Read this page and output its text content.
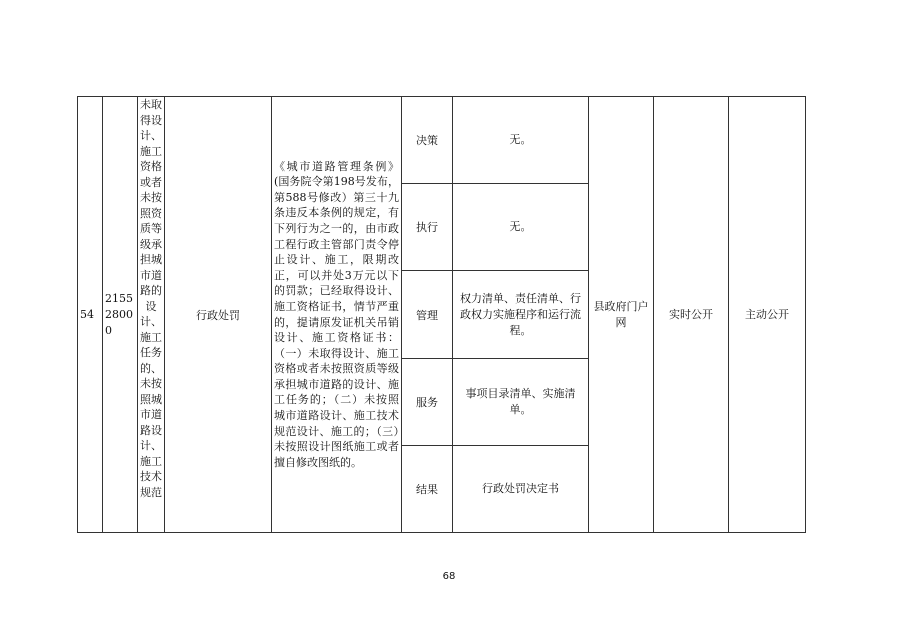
54	215528000	未取得设计、施工资格或者未按照资质等级承担城市道路的设计、施工任务的、未按照城市道路设计、施工技术规范	行政处罚	《城市道路管理条例》(国务院令第198号发布，第588号修改）第三十九条违反本条例的规定，有下列行为之一的，由市政工程行政主管部门责令停止设计、施工，限期改正，可以并处3万元以下的罚款；已经取得设计、施工资格证书，情节严重的，提请原发证机关吊销设计、施工资格证书：（一）未取得设计、施工资格或者未按照资质等级承担城市道路的设计、施工任务的；（二）未按照城市道路设计、施工技术规范设计、施工的；（三）未按照设计图纸施工或者擅自修改图纸的。	决策	无。	县政府门户网	实时公开	主动公开
					执行	无。			
					管理	权力清单、责任清单、行政权力实施程序和运行流程。			
					服务	事项目录清单、实施清单。			
					结果	行政处罚决定书			
68
